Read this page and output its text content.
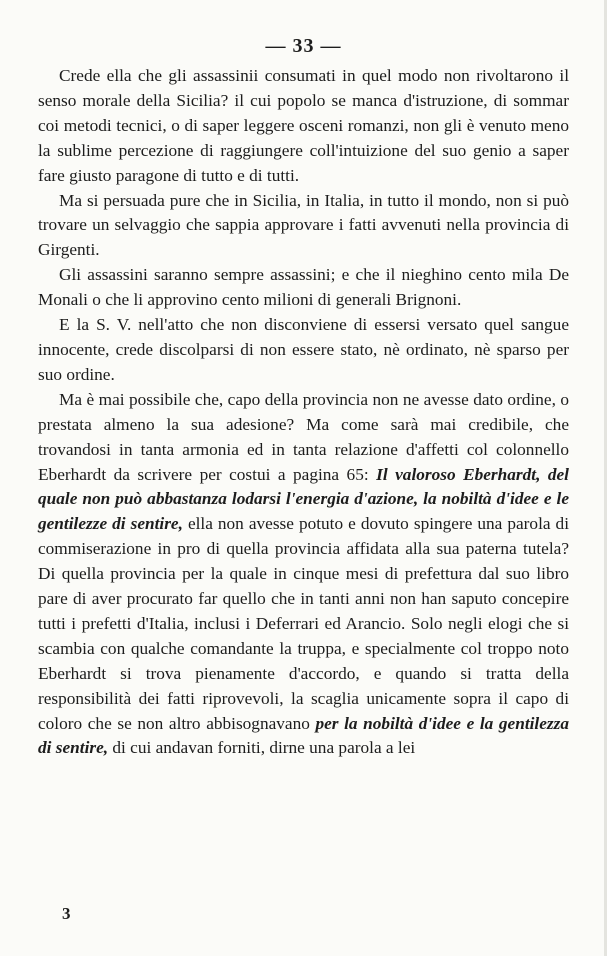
— 33 —

Crede ella che gli assassinii consumati in quel modo non rivoltarono il senso morale della Sicilia? il cui popolo se manca d'istruzione, di sommar coi metodi tecnici, o di saper leggere osceni romanzi, non gli è venuto meno la sublime percezione di raggiungere coll'intuizione del suo genio a saper fare giusto paragone di tutto e di tutti.

Ma si persuada pure che in Sicilia, in Italia, in tutto il mondo, non si può trovare un selvaggio che sappia approvare i fatti avvenuti nella provincia di Girgenti.

Gli assassini saranno sempre assassini; e che il nieghino cento mila De Monali o che li approvino cento milioni di generali Brignoni.

E la S. V. nell'atto che non disconviene di essersi versato quel sangue innocente, crede discolparsi di non essere stato, nè ordinato, nè sparso per suo ordine.

Ma è mai possibile che, capo della provincia non ne avesse dato ordine, o prestata almeno la sua adesione? Ma come sarà mai credibile, che trovandosi in tanta armonia ed in tanta relazione d'affetti col colonnello Eberhardt da scrivere per costui a pagina 65: Il valoroso Eberhardt, del quale non può abbastanza lodarsi l'energia d'azione, la nobiltà d'idee e le gentilezze di sentire, ella non avesse potuto e dovuto spingere una parola di commiserazione in pro di quella provincia affidata alla sua paterna tutela? Di quella provincia per la quale in cinque mesi di prefettura dal suo libro pare di aver procurato far quello che in tanti anni non han saputo concepire tutti i prefetti d'Italia, inclusi i Deferrari ed Arancio. Solo negli elogi che si scambia con qualche comandante la truppa, e specialmente col troppo noto Eberhardt si trova pienamente d'accordo, e quando si tratta della responsibilità dei fatti riprovevoli, la scaglia unicamente sopra il capo di coloro che se non altro abbisognavano per la nobiltà d'idee e la gentilezza di sentire, di cui andavan forniti, dirne una parola a lei

3
